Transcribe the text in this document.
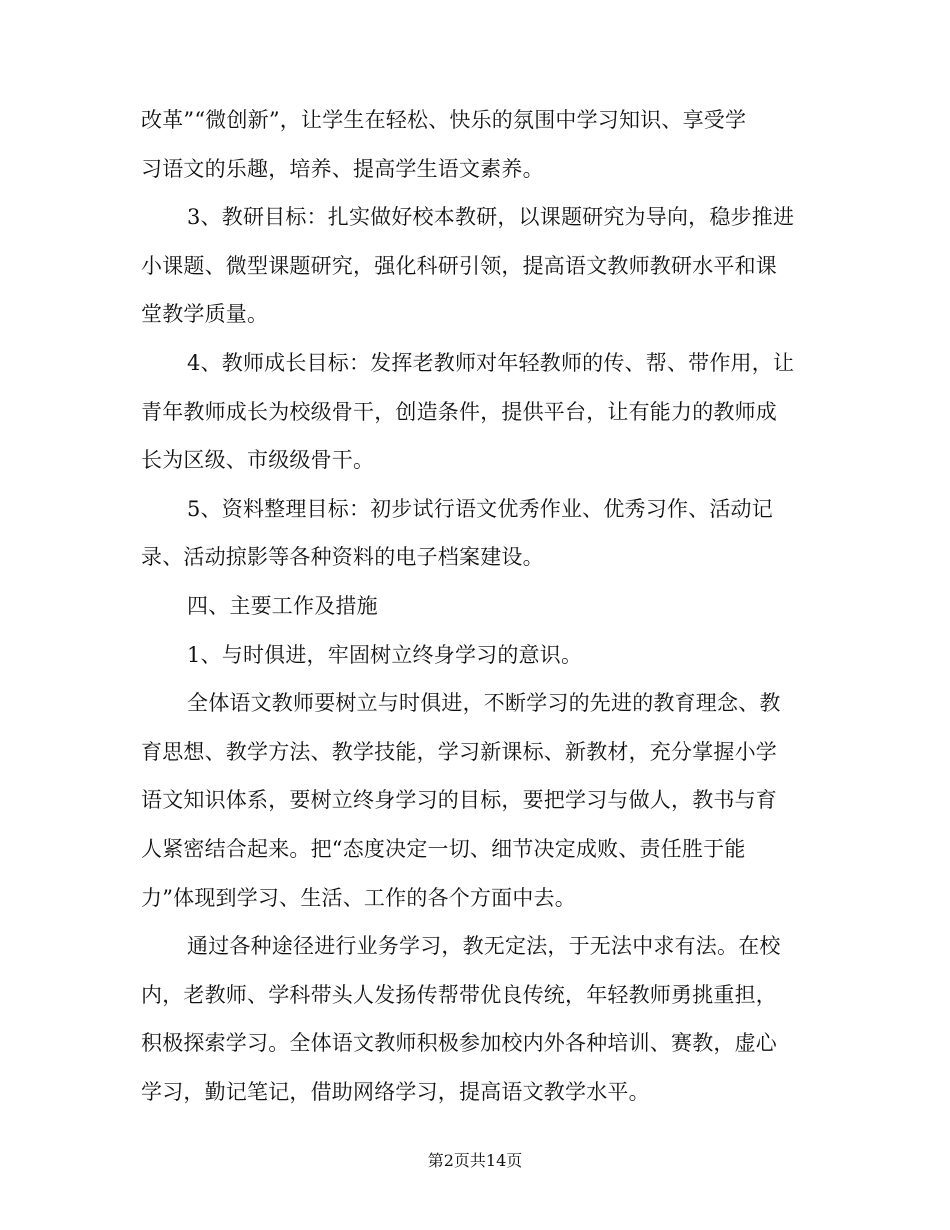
改革”“微创新”，让学生在轻松、快乐的氛围中学习知识、享受学
习语文的乐趣，培养、提高学生语文素养。
3、教研目标：扎实做好校本教研，以课题研究为导向，稳步推进
小课题、微型课题研究，强化科研引领，提高语文教师教研水平和课
堂教学质量。
4、教师成长目标：发挥老教师对年轻教师的传、帮、带作用，让
青年教师成长为校级骨干，创造条件，提供平台，让有能力的教师成
长为区级、市级级骨干。
5、资料整理目标：初步试行语文优秀作业、优秀习作、活动记
录、活动掠影等各种资料的电子档案建设。
四、主要工作及措施
1、与时俱进，牢固树立终身学习的意识。
全体语文教师要树立与时俱进，不断学习的先进的教育理念、教
育思想、教学方法、教学技能，学习新课标、新教材，充分掌握小学
语文知识体系，要树立终身学习的目标，要把学习与做人，教书与育
人紧密结合起来。把“态度决定一切、细节决定成败、责任胜于能
力”体现到学习、生活、工作的各个方面中去。
通过各种途径进行业务学习，教无定法，于无法中求有法。在校
内，老教师、学科带头人发扬传帮带优良传统，年轻教师勇挑重担，
积极探索学习。全体语文教师积极参加校内外各种培训、赛教，虚心
学习，勤记笔记，借助网络学习，提高语文教学水平。
第2页共14页
